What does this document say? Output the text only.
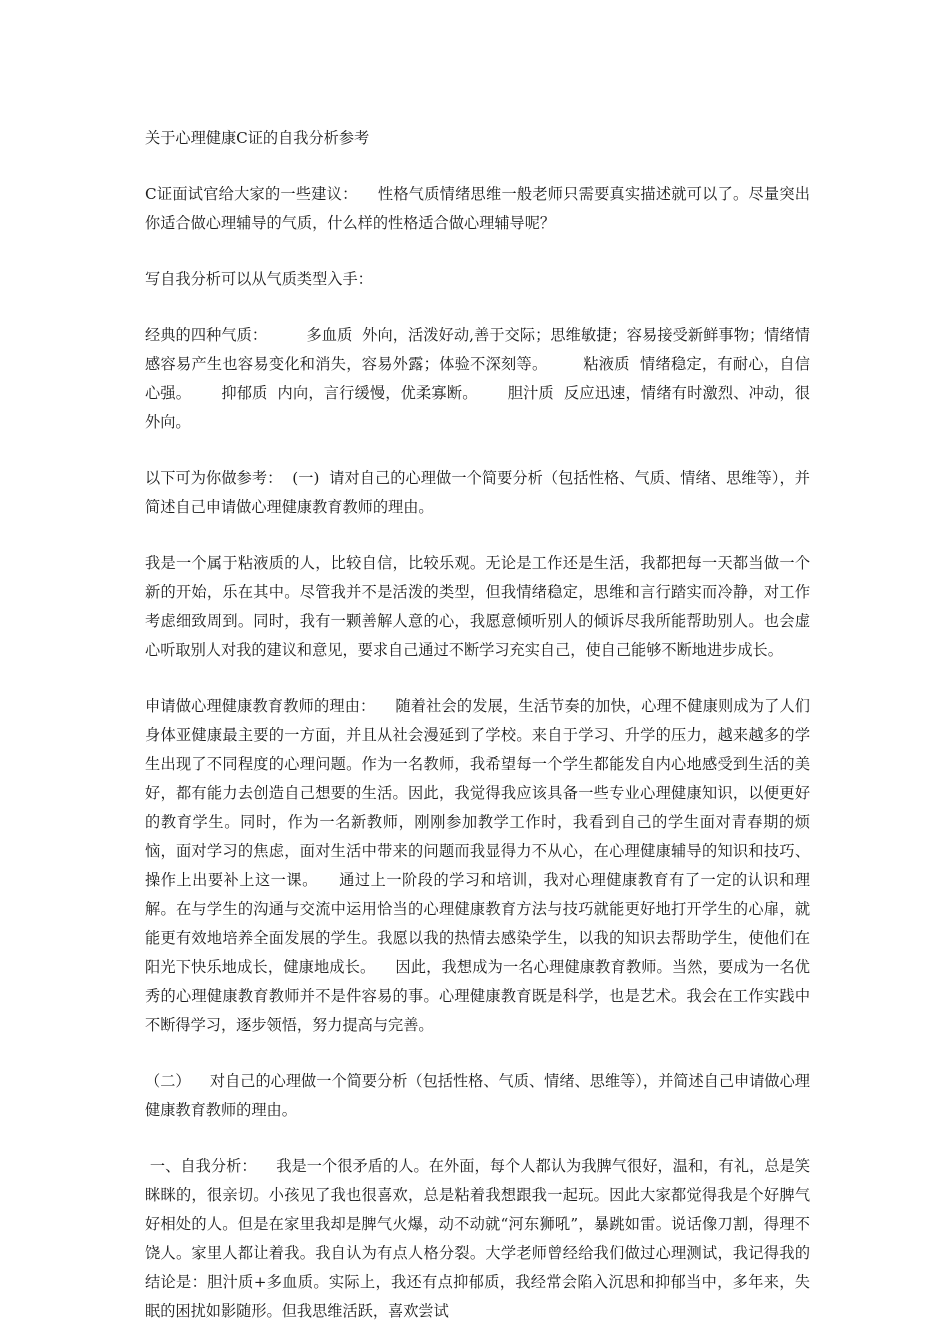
关于心理健康C证的自我分析参考

C证面试官给大家的一些建议：    性格气质情绪思维一般老师只需要真实描述就可以了。尽量突出你适合做心理辅导的气质，什么样的性格适合做心理辅导呢？

写自我分析可以从气质类型入手：

经典的四种气质：        多血质  外向，活泼好动,善于交际；思维敏捷；容易接受新鲜事物；情绪情感容易产生也容易变化和消失，容易外露；体验不深刻等。       粘液质  情绪稳定，有耐心，自信心强。      抑郁质  内向，言行缓慢，优柔寡断。      胆汁质  反应迅速，情绪有时激烈、冲动，很外向。

以下可为你做参考：  (一)  请对自己的心理做一个简要分析（包括性格、气质、情绪、思维等），并简述自己申请做心理健康教育教师的理由。

我是一个属于粘液质的人，比较自信，比较乐观。无论是工作还是生活，我都把每一天都当做一个新的开始，乐在其中。尽管我并不是活泼的类型，但我情绪稳定，思维和言行踏实而冷静，对工作考虑细致周到。同时，我有一颗善解人意的心，我愿意倾听别人的倾诉尽我所能帮助别人。也会虚心听取别人对我的建议和意见，要求自己通过不断学习充实自己，使自己能够不断地进步成长。

申请做心理健康教育教师的理由：    随着社会的发展，生活节奏的加快，心理不健康则成为了人们身体亚健康最主要的一方面，并且从社会漫延到了学校。来自于学习、升学的压力，越来越多的学生出现了不同程度的心理问题。作为一名教师，我希望每一个学生都能发自内心地感受到生活的美好，都有能力去创造自己想要的生活。因此，我觉得我应该具备一些专业心理健康知识，以便更好的教育学生。同时，作为一名新教师，刚刚参加教学工作时，我看到自己的学生面对青春期的烦恼，面对学习的焦虑，面对生活中带来的问题而我显得力不从心，在心理健康辅导的知识和技巧、操作上出要补上这一课。    通过上一阶段的学习和培训，我对心理健康教育有了一定的认识和理解。在与学生的沟通与交流中运用恰当的心理健康教育方法与技巧就能更好地打开学生的心扉，就能更有效地培养全面发展的学生。我愿以我的热情去感染学生，以我的知识去帮助学生，使他们在阳光下快乐地成长，健康地成长。    因此，我想成为一名心理健康教育教师。当然，要成为一名优秀的心理健康教育教师并不是件容易的事。心理健康教育既是科学，也是艺术。我会在工作实践中不断得学习，逐步领悟，努力提高与完善。

（二）    对自己的心理做一个简要分析（包括性格、气质、情绪、思维等），并简述自己申请做心理健康教育教师的理由。

一、自我分析：    我是一个很矛盾的人。在外面，每个人都认为我脾气很好，温和，有礼，总是笑眯眯的，很亲切。小孩见了我也很喜欢，总是粘着我想跟我一起玩。因此大家都觉得我是个好脾气好相处的人。但是在家里我却是脾气火爆，动不动就“河东狮吼”，暴跳如雷。说话像刀割，得理不饶人。家里人都让着我。我自认为有点人格分裂。大学老师曾经给我们做过心理测试，我记得我的结论是：胆汁质+多血质。实际上，我还有点抑郁质，我经常会陷入沉思和抑郁当中，多年来，失眠的困扰如影随形。但我思维活跃，喜欢尝试
